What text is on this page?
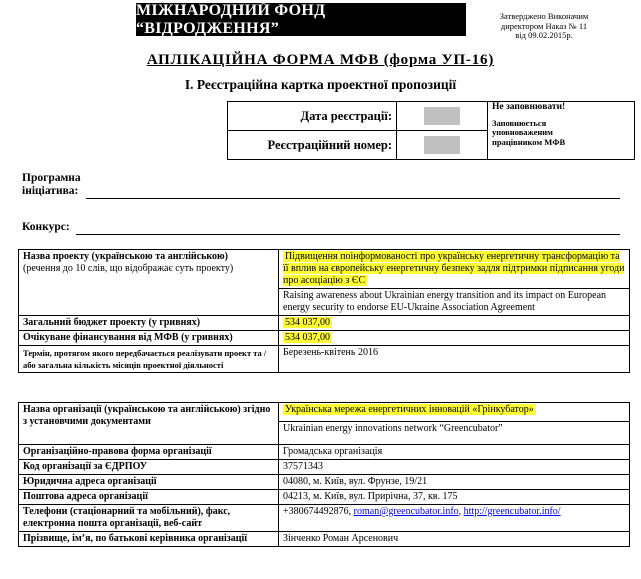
МІЖНАРОДНИЙ ФОНД “ВІДРОДЖЕННЯ”
Затверджено Виконачим
директором Наказ № 11
від 09.02.2015р.
АПЛІКАЦІЙНА ФОРМА МФВ (форма УП-16)
І. Реєстраційна картка проектної пропозиції
Дата реєстрації:		Не заповнювати!
Заповнюється
уповноваженим
працівником МФВ

Реєстраційний номер:		
Програмна
ініціатива:
Конкурс:
Назва проекту (українською та англійською)
(речення до 10 слів, що відображає суть проекту)	Підвищення поінформованості про українську енергетичну трансформацію та її вплив на європейську енергетичну безпеку задля підтримки підписання угоди про асоціацію з ЄС
	Raising awareness about Ukrainian energy transition and its impact on European energy security to endorse EU-Ukraine Association Agreement
Загальний бюджет проекту (у гривнях)	534 037,00
Очікуване фінансування від МФВ (у гривнях)	534 037,00
Термін, протягом якого передбачається реалізувати проект та / або загальна кількість місяців проектної діяльності	Березень-квітень 2016
Назва організації (українською та англійською) згідно з установчими документами	Українська мережа енергетичних інновацій «Грінкубатор»
	Ukrainian energy innovations network “Greencubator”
Організаційно-правова форма організації	Громадська організація
Код організації за ЄДРПОУ	37571343
Юридична адреса організації	04080, м. Київ, вул. Фрунзе, 19/21
Поштова адреса організації	04213, м. Київ, вул. Прирічна, 37, кв. 175
Телефони (стаціонарний та мобільний), факс, електронна пошта організації, веб-сайт	+380674492876, roman@greencubator.info, http://greencubator.info/
Прізвище, ім’я, по батькові керівника організації	Зінченко Роман Арсенович
